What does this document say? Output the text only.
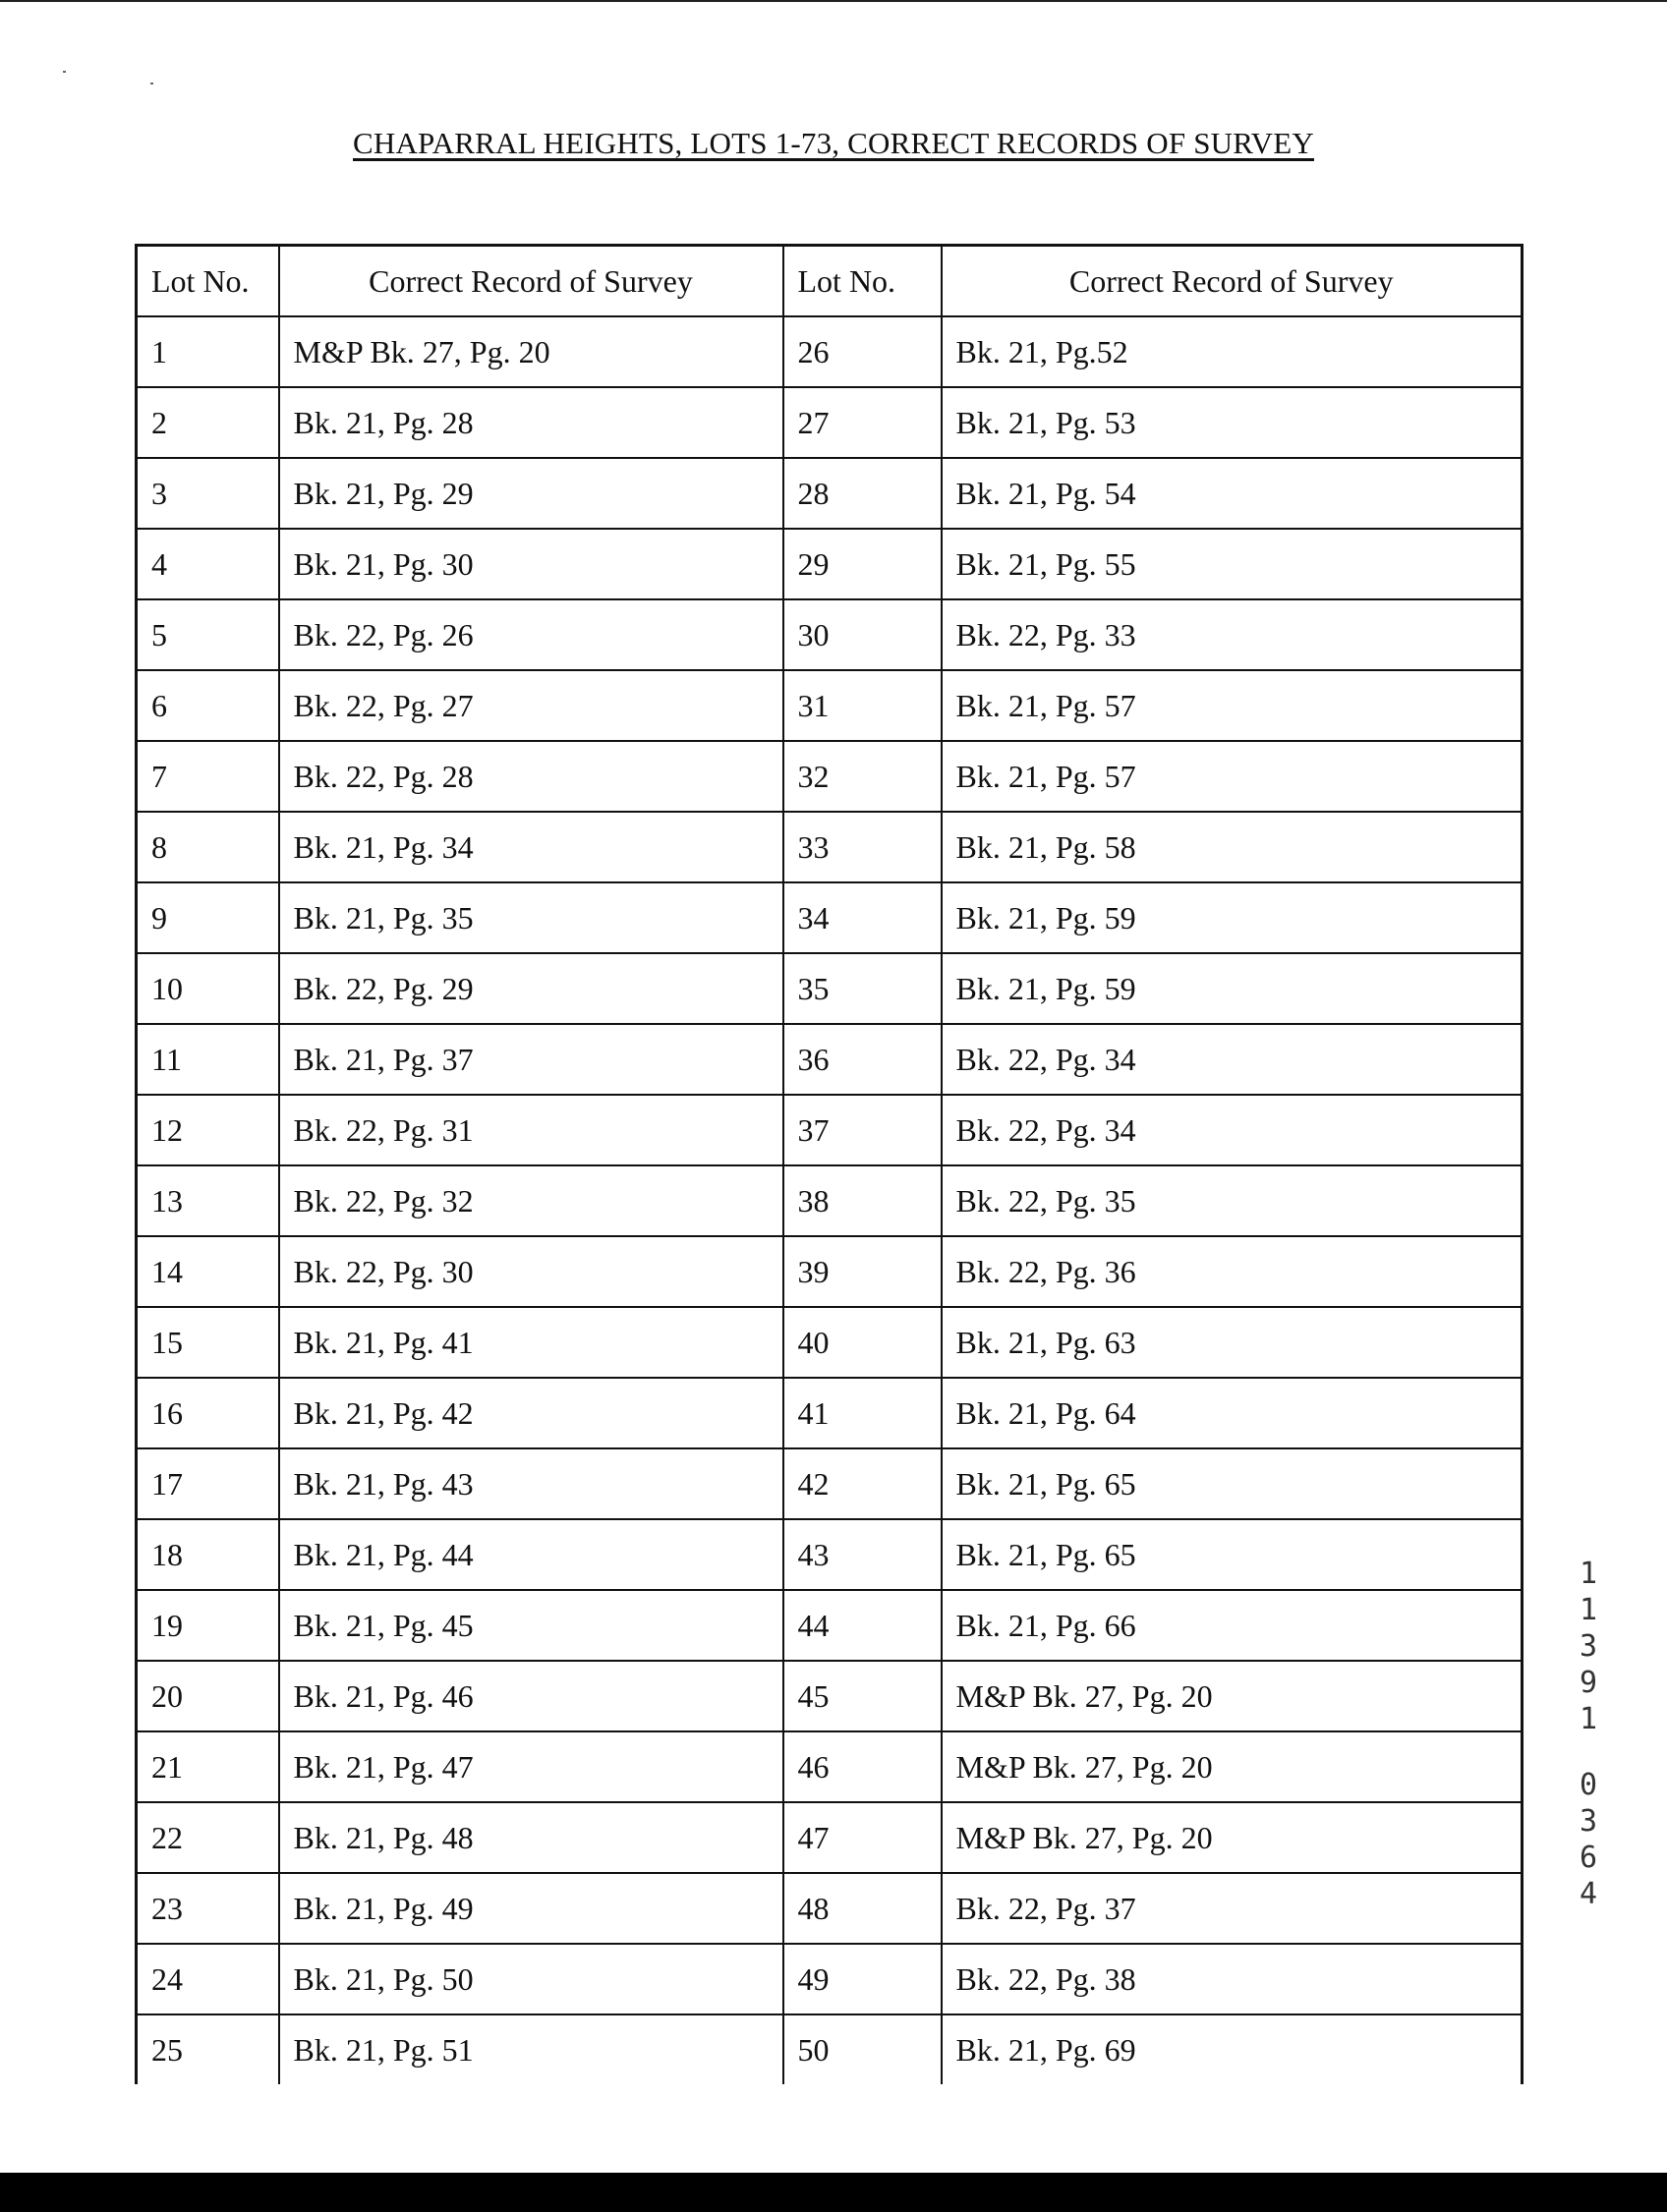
CHAPARRAL HEIGHTS, LOTS 1-73, CORRECT RECORDS OF SURVEY
Lot No.	Correct Record of Survey	Lot No.	Correct Record of Survey
1	M&P Bk. 27, Pg. 20	26	Bk. 21, Pg.52
2	Bk. 21, Pg. 28	27	Bk. 21, Pg. 53
3	Bk. 21, Pg. 29	28	Bk. 21, Pg. 54
4	Bk. 21, Pg. 30	29	Bk. 21, Pg. 55
5	Bk. 22, Pg. 26	30	Bk. 22, Pg. 33
6	Bk. 22, Pg. 27	31	Bk. 21, Pg. 57
7	Bk. 22, Pg. 28	32	Bk. 21, Pg. 57
8	Bk. 21, Pg. 34	33	Bk. 21, Pg. 58
9	Bk. 21, Pg. 35	34	Bk. 21, Pg. 59
10	Bk. 22, Pg. 29	35	Bk. 21, Pg. 59
11	Bk. 21, Pg. 37	36	Bk. 22, Pg. 34
12	Bk. 22, Pg. 31	37	Bk. 22, Pg. 34
13	Bk. 22, Pg. 32	38	Bk. 22, Pg. 35
14	Bk. 22, Pg. 30	39	Bk. 22, Pg. 36
15	Bk. 21, Pg. 41	40	Bk. 21, Pg. 63
16	Bk. 21, Pg. 42	41	Bk. 21, Pg. 64
17	Bk. 21, Pg. 43	42	Bk. 21, Pg. 65
18	Bk. 21, Pg. 44	43	Bk. 21, Pg. 65
19	Bk. 21, Pg. 45	44	Bk. 21, Pg. 66
20	Bk. 21, Pg. 46	45	M&P Bk. 27, Pg. 20
21	Bk. 21, Pg. 47	46	M&P Bk. 27, Pg. 20
22	Bk. 21, Pg. 48	47	M&P Bk. 27, Pg. 20
23	Bk. 21, Pg. 49	48	Bk. 22, Pg. 37
24	Bk. 21, Pg. 50	49	Bk. 22, Pg. 38
25	Bk. 21, Pg. 51	50	Bk. 21, Pg. 69
1
1
3
9
1
0
3
6
4
